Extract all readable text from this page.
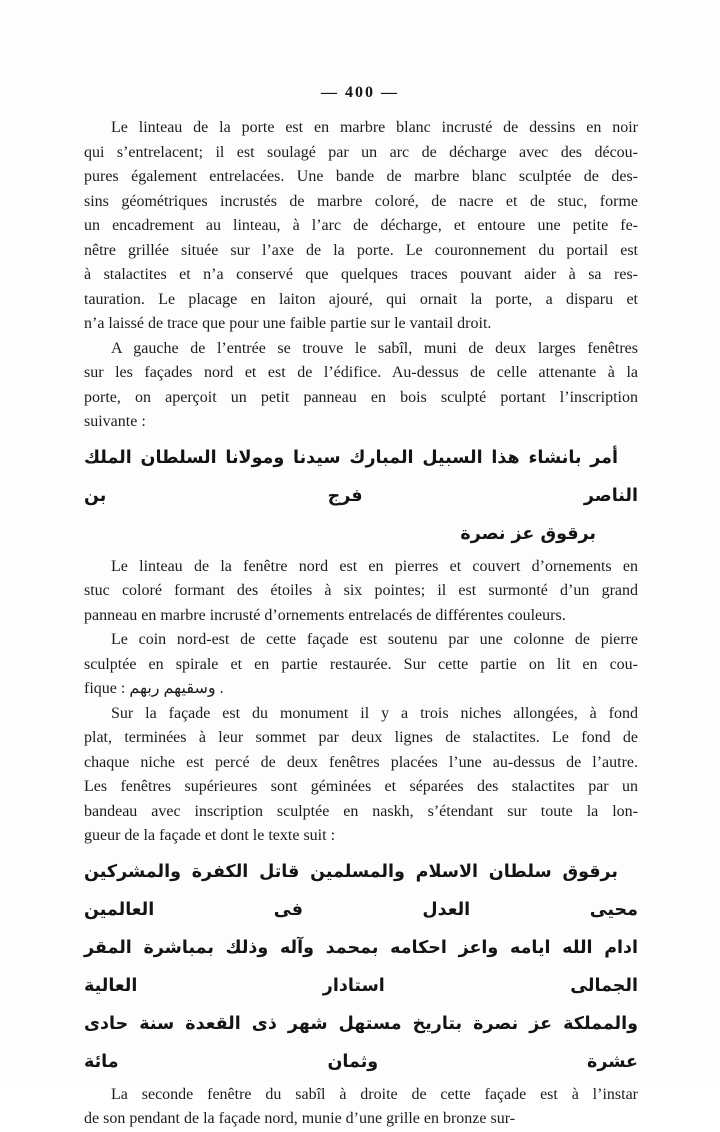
— 400 —
Le linteau de la porte est en marbre blanc incrusté de dessins en noir
qui s’entrelacent; il est soulagé par un arc de décharge avec des décou-
pures également entrelacées. Une bande de marbre blanc sculptée de des-
sins géométriques incrustés de marbre coloré, de nacre et de stuc, forme
un encadrement au linteau, à l’arc de décharge, et entoure une petite fe-
nêtre grillée située sur l’axe de la porte. Le couronnement du portail est
à stalactites et n’a conservé que quelques traces pouvant aider à sa res-
tauration. Le placage en laiton ajouré, qui ornait la porte, a disparu et
n’a laissé de trace que pour une faible partie sur le vantail droit.
A gauche de l’entrée se trouve le sabîl, muni de deux larges fenêtres
sur les façades nord et est de l’édifice. Au-dessus de celle attenante à la
porte, on aperçoit un petit panneau en bois sculpté portant l’inscription
suivante :
أمر بانشاء هذا السبيل المبارك سيدنا ومولانا السلطان الملك الناصر فرج بن
برقوق عز نصرة
Le linteau de la fenêtre nord est en pierres et couvert d’ornements en
stuc coloré formant des étoiles à six pointes; il est surmonté d’un grand
panneau en marbre incrusté d’ornements entrelacés de différentes couleurs.
Le coin nord-est de cette façade est soutenu par une colonne de pierre
sculptée en spirale et en partie restaurée. Sur cette partie on lit en cou-
fique : وسقيهم ربهم .
Sur la façade est du monument il y a trois niches allongées, à fond
plat, terminées à leur sommet par deux lignes de stalactites. Le fond de
chaque niche est percé de deux fenêtres placées l’une au-dessus de l’autre.
Les fenêtres supérieures sont géminées et séparées des stalactites par un
bandeau avec inscription sculptée en naskh, s’étendant sur toute la lon-
gueur de la façade et dont le texte suit :
برقوق سلطان الاسلام والمسلمين قاتل الكفرة والمشركين محيى العدل فى العالمين
ادام الله ايامه واعز احكامه بمحمد وآله وذلك بمباشرة المقر الجمالى استادار العالية
والمملكة عز نصرة بتاريخ مستهل شهر ذى القعدة سنة حادى عشرة وثمان مائة
La seconde fenêtre du sabîl à droite de cette façade est à l’instar
de son pendant de la façade nord, munie d’une grille en bronze sur-
